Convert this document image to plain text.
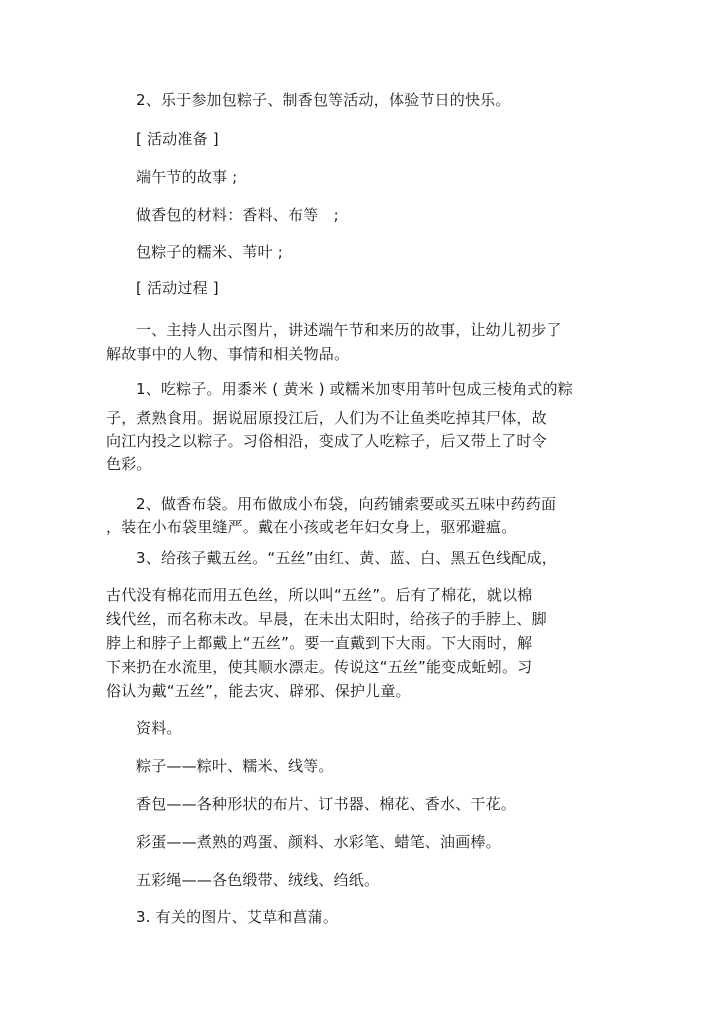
2、乐于参加包粽子、制香包等活动，体验节日的快乐。
[ 活动准备 ]
端午节的故事 ;
做香包的材料：香料、布等　;
包粽子的糯米、苇叶 ;
[ 活动过程 ]
一、主持人出示图片，讲述端午节和来历的故事，让幼儿初步了
解故事中的人物、事情和相关物品。
1、吃粽子。用黍米 ( 黄米 ) 或糯米加枣用苇叶包成三棱角式的粽
子，煮熟食用。据说屈原投江后，人们为不让鱼类吃掉其尸体，故
向江内投之以粽子。习俗相沿，变成了人吃粽子，后又带上了时令
色彩。
2、做香布袋。用布做成小布袋，向药铺索要或买五味中药药面
，装在小布袋里缝严。戴在小孩或老年妇女身上，驱邪避瘟。
3、给孩子戴五丝。“五丝”由红、黄、蓝、白、黑五色线配成，
古代没有棉花而用五色丝，所以叫“五丝”。后有了棉花，就以棉
线代丝，而名称未改。早晨，在未出太阳时，给孩子的手脖上、脚
脖上和脖子上都戴上“五丝”。要一直戴到下大雨。下大雨时，解
下来扔在水流里，使其顺水漂走。传说这“五丝”能变成蚯蚓。习
俗认为戴“五丝”，能去灾、辟邪、保护儿童。
资料。
粽子——粽叶、糯米、线等。
香包——各种形状的布片、订书器、棉花、香水、干花。
彩蛋——煮熟的鸡蛋、颜料、水彩笔、蜡笔、油画棒。
五彩绳——各色缎带、绒线、绉纸。
3. 有关的图片、艾草和菖蒲。
